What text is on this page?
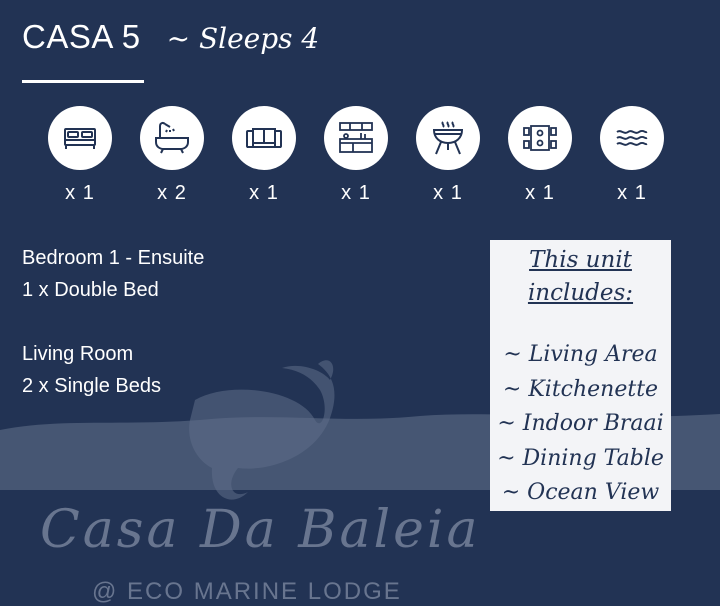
CASA 5 ~ Sleeps 4
x 1	x 2	x 1	x 1	x 1	x 1	x 1
Bedroom 1 - Ensuite
1 x Double Bed
Living Room
2 x Single Beds
Casa Da Baleia
@ ECO MARINE LODGE
This unit
includes:
~ Living Area
~ Kitchenette
~ Indoor Braai
~ Dining Table
~ Ocean View
